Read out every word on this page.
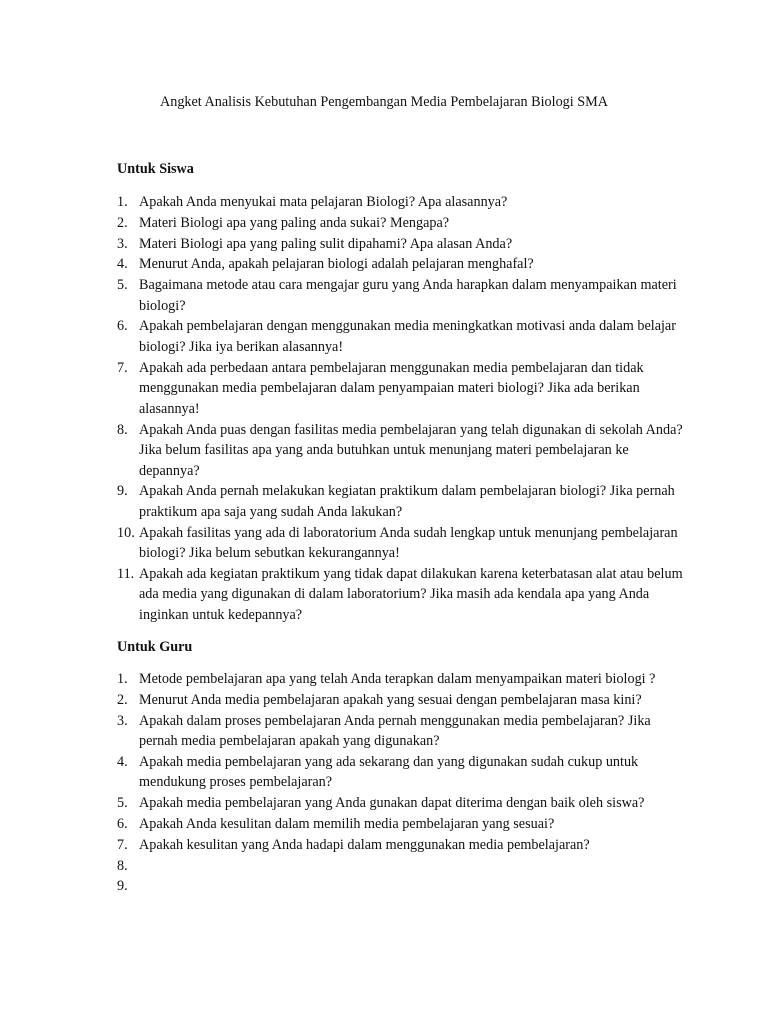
Angket Analisis Kebutuhan Pengembangan Media Pembelajaran Biologi SMA
Untuk Siswa
1. Apakah Anda menyukai mata pelajaran Biologi? Apa alasannya?
2. Materi Biologi apa yang paling anda sukai? Mengapa?
3. Materi Biologi apa yang paling sulit dipahami? Apa alasan Anda?
4. Menurut Anda, apakah pelajaran biologi adalah pelajaran menghafal?
5. Bagaimana metode atau cara mengajar guru yang Anda harapkan dalam menyampaikan materi biologi?
6. Apakah pembelajaran dengan menggunakan media meningkatkan motivasi anda dalam belajar biologi? Jika iya berikan alasannya!
7. Apakah ada perbedaan antara pembelajaran menggunakan media pembelajaran dan tidak menggunakan media pembelajaran dalam penyampaian materi biologi? Jika ada berikan alasannya!
8. Apakah Anda puas dengan fasilitas media pembelajaran yang telah digunakan di sekolah Anda? Jika belum fasilitas apa yang anda butuhkan untuk menunjang materi pembelajaran ke depannya?
9. Apakah Anda pernah melakukan kegiatan praktikum dalam pembelajaran biologi? Jika pernah praktikum apa saja yang sudah Anda lakukan?
10. Apakah fasilitas yang ada di laboratorium Anda sudah lengkap untuk menunjang pembelajaran biologi? Jika belum sebutkan kekurangannya!
11. Apakah ada kegiatan praktikum yang tidak dapat dilakukan karena keterbatasan alat atau belum ada media yang digunakan di dalam laboratorium? Jika masih ada kendala apa yang Anda inginkan untuk kedepannya?
Untuk Guru
1. Metode pembelajaran apa yang telah Anda terapkan dalam menyampaikan materi biologi ?
2. Menurut Anda media pembelajaran apakah yang sesuai dengan pembelajaran masa kini?
3. Apakah dalam proses pembelajaran Anda pernah menggunakan media pembelajaran? Jika pernah media pembelajaran apakah yang digunakan?
4. Apakah media pembelajaran yang ada sekarang dan yang digunakan sudah cukup untuk mendukung proses pembelajaran?
5. Apakah media pembelajaran yang Anda gunakan dapat diterima dengan baik oleh siswa?
6. Apakah Anda kesulitan dalam memilih media pembelajaran yang sesuai?
7. Apakah kesulitan yang Anda hadapi dalam menggunakan media pembelajaran?
8.

9.
